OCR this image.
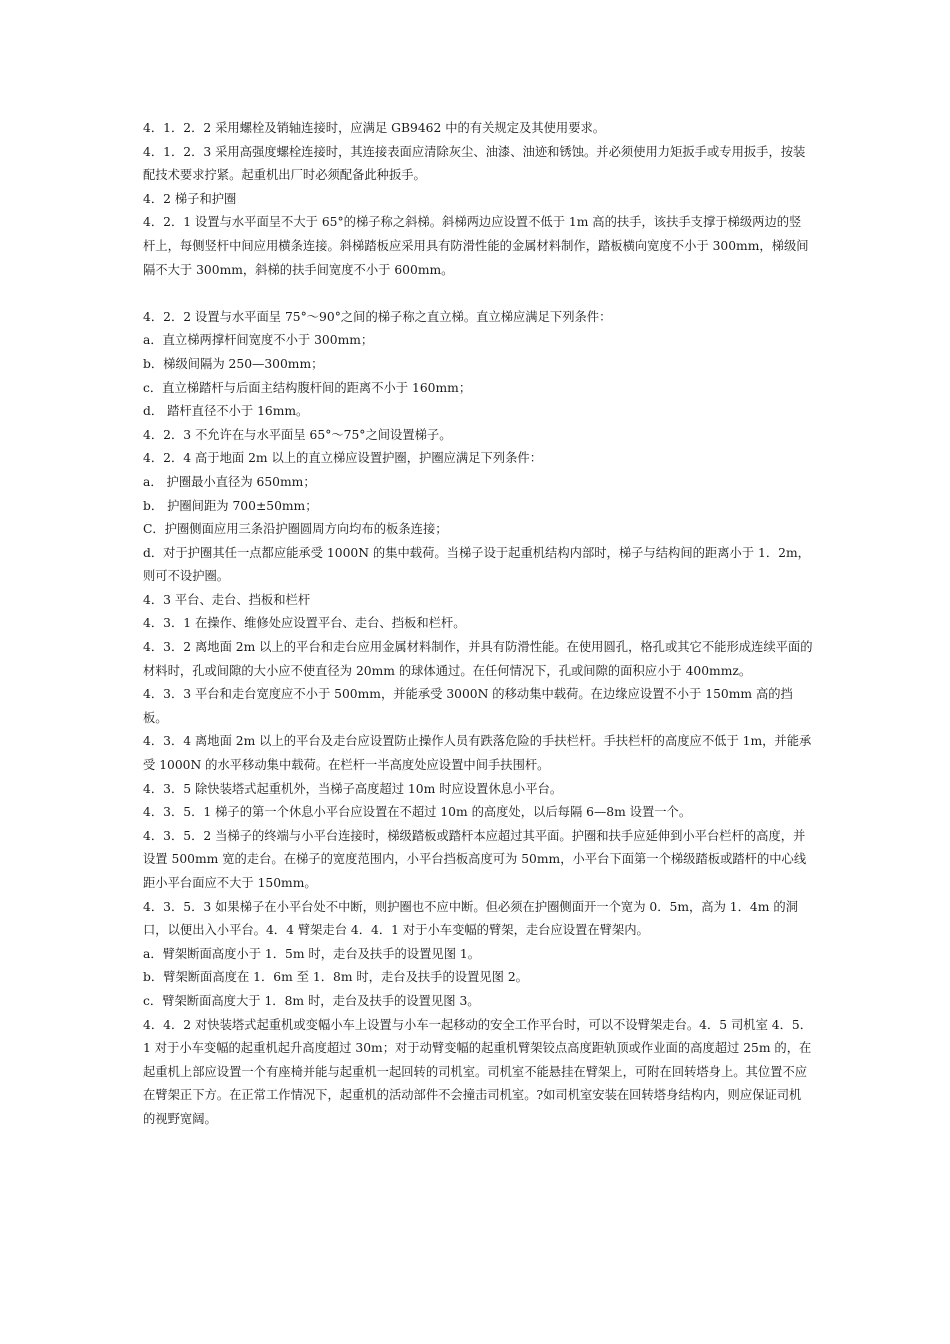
4．1．2．2 采用螺栓及销轴连接时，应满足 GB9462 中的有关规定及其使用要求。

4．1．2．3 采用高强度螺栓连接时，其连接表面应清除灰尘、油漆、油迹和锈蚀。并必须使用力矩扳手或专用扳手，按装配技术要求拧紧。起重机出厂时必须配备此种扳手。

4．2 梯子和护圈

4．2．1 设置与水平面呈不大于 65°的梯子称之斜梯。斜梯两边应设置不低于 1m 高的扶手，该扶手支撑于梯级两边的竖杆上，每侧竖杆中间应用横条连接。斜梯踏板应采用具有防滑性能的金属材料制作，踏板横向宽度不小于 300mm，梯级间隔不大于 300mm，斜梯的扶手间宽度不小于 600mm。

4．2．2 设置与水平面呈 75°～90°之间的梯子称之直立梯。直立梯应满足下列条件：

a．直立梯两撑杆间宽度不小于 300mm；

b．梯级间隔为 250—300mm；

c．直立梯踏杆与后面主结构腹杆间的距离不小于 160mm；

d． 踏杆直径不小于 16mm。

4．2．3 不允许在与水平面呈 65°～75°之间设置梯子。

4．2．4 高于地面 2m 以上的直立梯应设置护圈，护圈应满足下列条件：

a． 护圈最小直径为 650mm；

b． 护圈间距为 700±50mm；

C．护圈侧面应用三条沿护圈圆周方向均布的板条连接；

d．对于护圈其任一点都应能承受 1000N 的集中载荷。当梯子设于起重机结构内部时，梯子与结构间的距离小于 1．2m，则可不设护圈。

4．3 平台、走台、挡板和栏杆

4．3．1 在操作、维修处应设置平台、走台、挡板和栏杆。

4．3．2 离地面 2m 以上的平台和走台应用金属材料制作，并具有防滑性能。在使用圆孔，格孔或其它不能形成连续平面的材料时，孔或间隙的大小应不使直径为 20mm 的球体通过。在任何情况下，孔或间隙的面积应小于 400mmz。

4．3．3 平台和走台宽度应不小于 500mm，并能承受 3000N 的移动集中载荷。在边缘应设置不小于 150mm 高的挡板。

4．3．4 离地面 2m 以上的平台及走台应设置防止操作人员有跌落危险的手扶栏杆。手扶栏杆的高度应不低于 1m，并能承受 1000N 的水平移动集中载荷。在栏杆一半高度处应设置中间手扶围杆。

4．3．5 除快装塔式起重机外，当梯子高度超过 10m 时应设置休息小平台。

4．3．5．1 梯子的第一个休息小平台应设置在不超过 10m 的高度处，以后每隔 6—8m 设置一个。

4．3．5．2 当梯子的终端与小平台连接时，梯级踏板或踏杆本应超过其平面。护圈和扶手应延伸到小平台栏杆的高度，并设置 500mm 宽的走台。在梯子的宽度范围内，小平台挡板高度可为 50mm，小平台下面第一个梯级踏板或踏杆的中心线距小平台面应不大于 150mm。

4．3．5．3 如果梯子在小平台处不中断，则护圈也不应中断。但必须在护圈侧面开一个宽为 0．5m，高为 1．4m 的洞口，以便出入小平台。4．4 臂架走台 4．4．1 对于小车变幅的臂架，走台应设置在臂架内。

a．臂架断面高度小于 1．5m 时，走台及扶手的设置见图 1。

b．臂架断面高度在 1．6m 至 1．8m 时，走台及扶手的设置见图 2。

c．臂架断面高度大于 1．8m 时，走台及扶手的设置见图 3。

4．4．2 对快装塔式起重机或变幅小车上设置与小车一起移动的安全工作平台时，可以不设臂架走台。4．5 司机室 4．5．1 对于小车变幅的起重机起升高度超过 30m；对于动臂变幅的起重机臂架铰点高度距轨顶或作业面的高度超过 25m 的，在起重机上部应设置一个有座椅并能与起重机一起回转的司机室。司机室不能悬挂在臂架上，可附在回转塔身上。其位置不应在臂架正下方。在正常工作情况下，起重机的活动部件不会撞击司机室。?如司机室安装在回转塔身结构内，则应保证司机的视野宽阔。
